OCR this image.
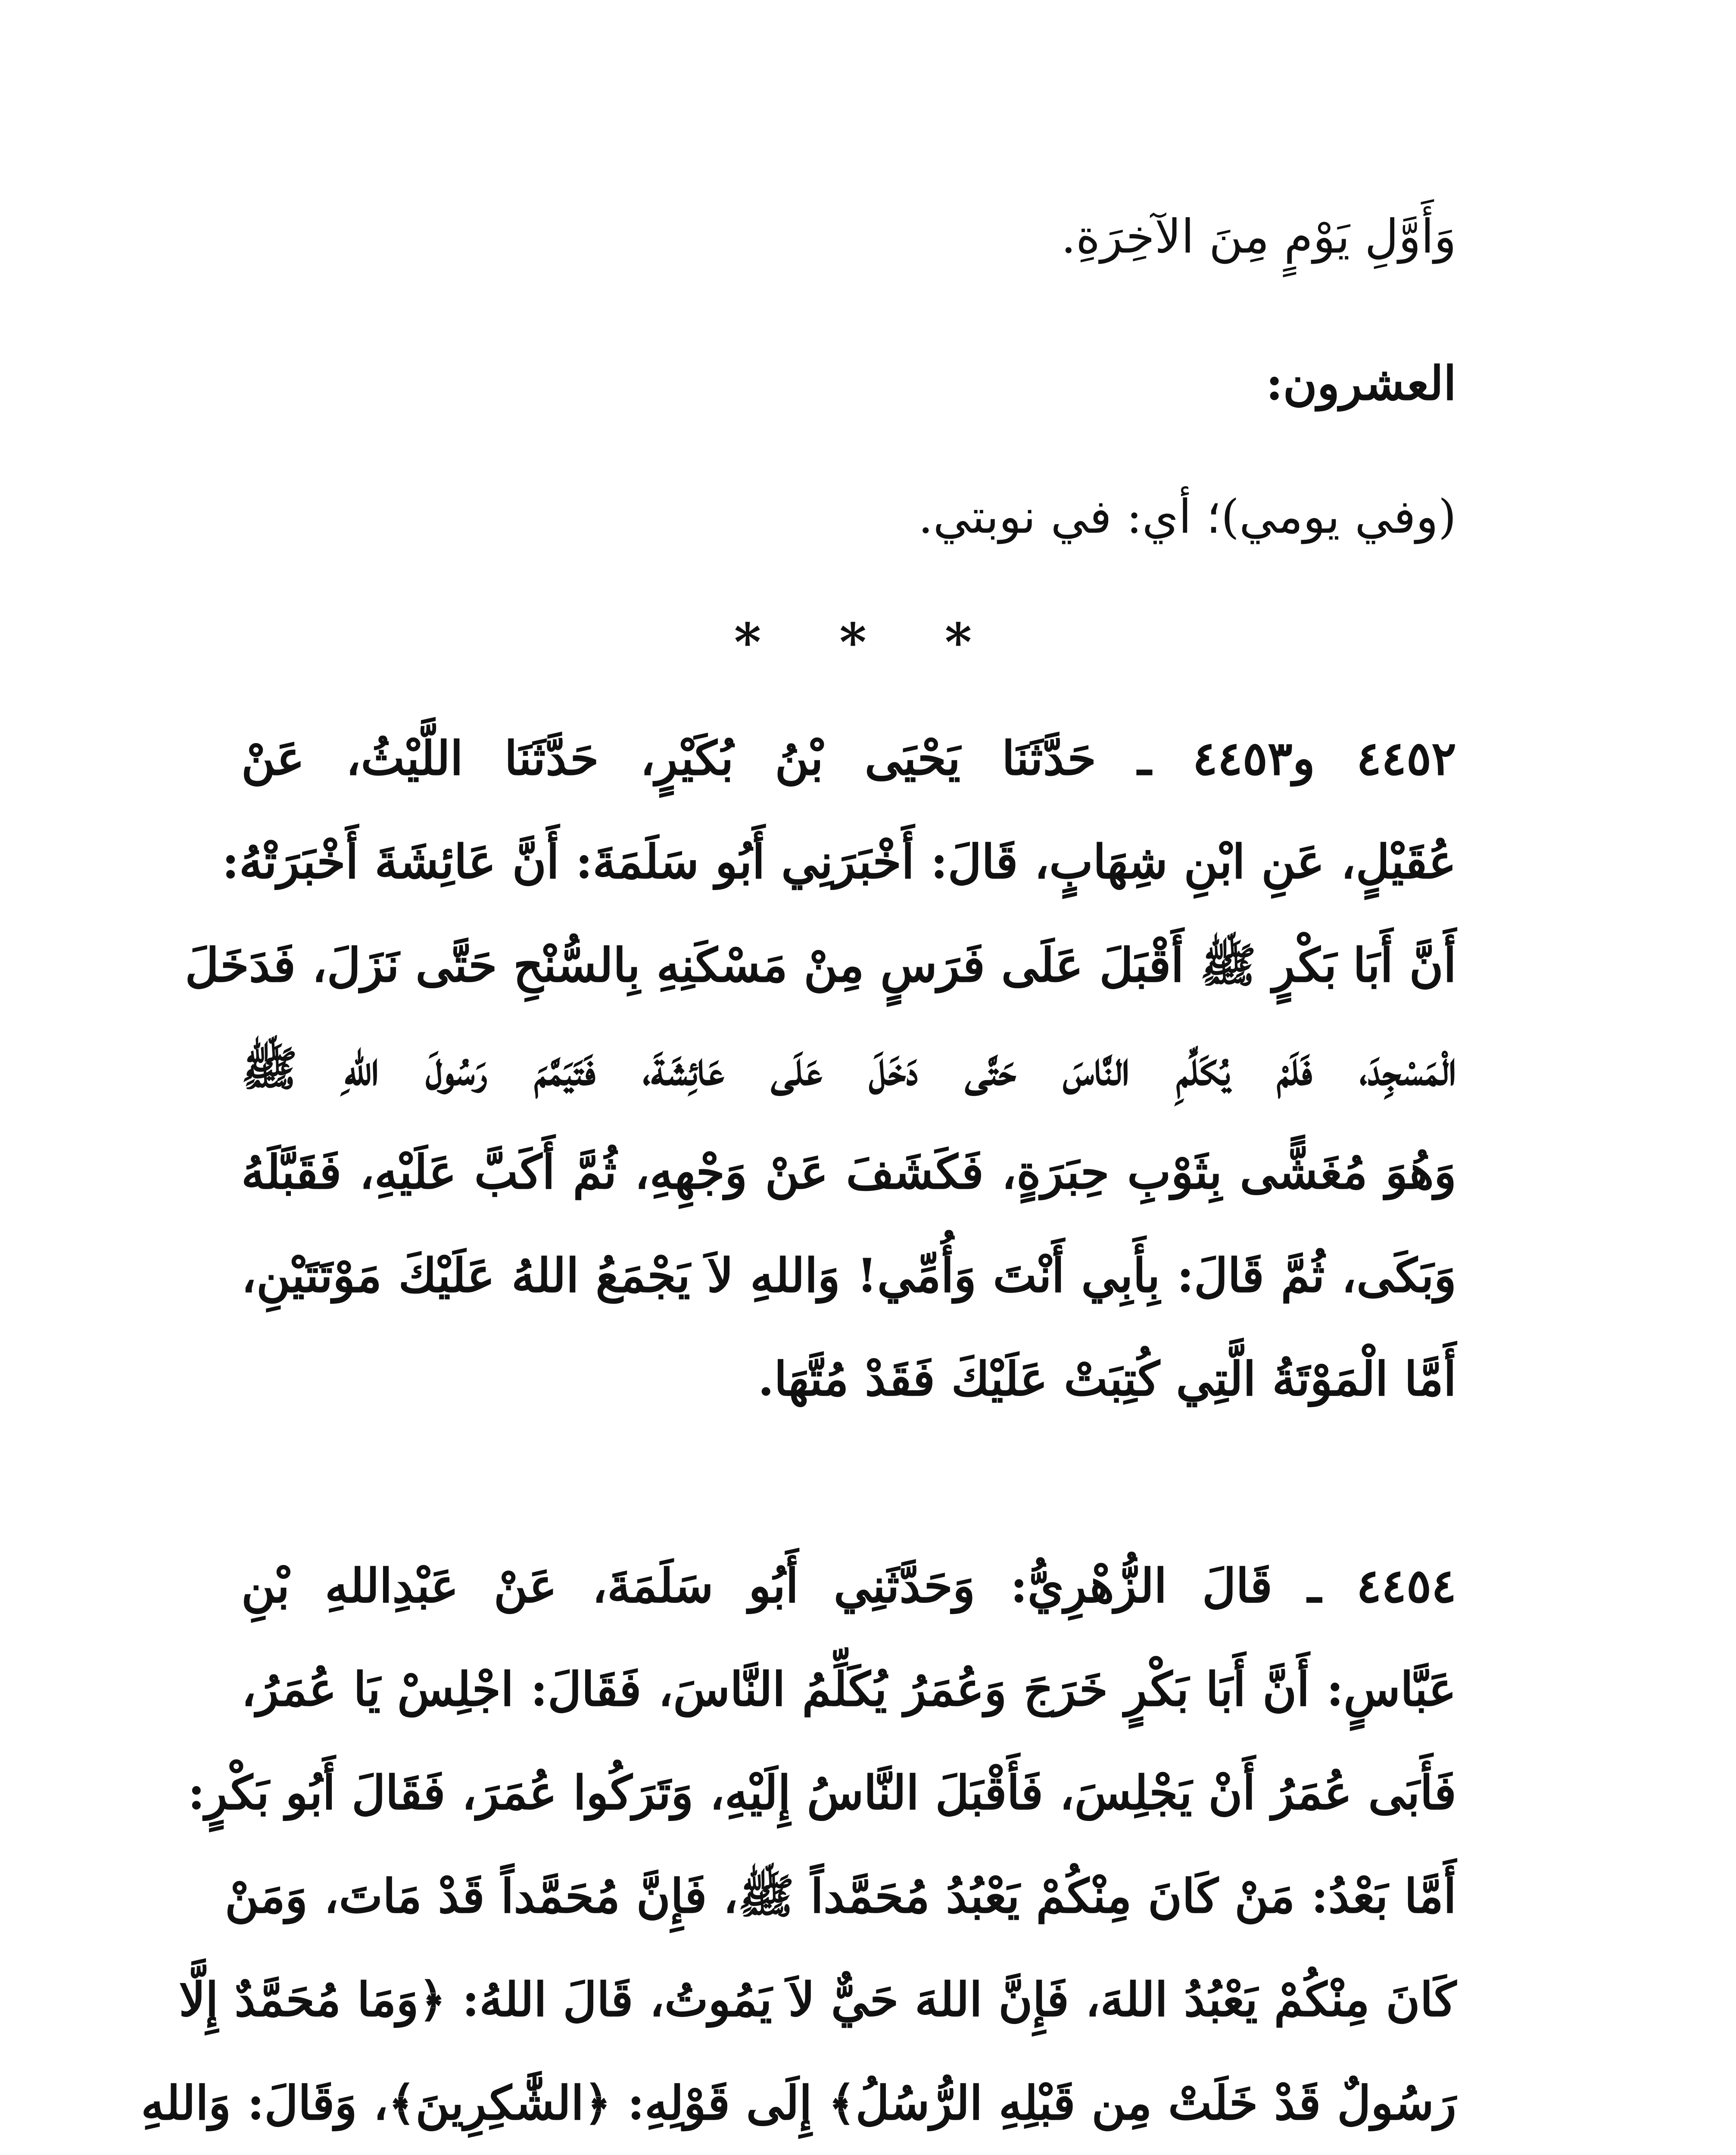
وَأَوَّلِ يَوْمٍ مِنَ الآخِرَةِ.
العشرون:
(وفي يومي)؛ أي: في نوبتي.
* * *
٤٤٥٢ و٤٤٥٣ ـ حَدَّثَنَا يَحْيَى بْنُ بُكَيْرٍ، حَدَّثَنَا اللَّيْثُ، عَنْ
عُقَيْلٍ، عَنِ ابْنِ شِهَابٍ، قَالَ: أَخْبَرَنِي أَبُو سَلَمَةَ: أَنَّ عَائِشَةَ أَخْبَرَتْهُ:
أَنَّ أَبَا بَكْرٍ ﷺ أَقْبَلَ عَلَى فَرَسٍ مِنْ مَسْكَنِهِ بِالسُّنْحِ حَتَّى نَزَلَ، فَدَخَلَ
الْمَسْجِدَ، فَلَمْ يُكَلِّمِ النَّاسَ حَتَّى دَخَلَ عَلَى عَائِشَةَ، فَتَيَمَّمَ رَسُولَ اللهِ ﷺ
وَهُوَ مُغَشًّى بِثَوْبِ حِبَرَةٍ، فَكَشَفَ عَنْ وَجْهِهِ، ثُمَّ أَكَبَّ عَلَيْهِ، فَقَبَّلَهُ
وَبَكَى، ثُمَّ قَالَ: بِأَبِي أَنْتَ وَأُمِّي! وَاللهِ لاَ يَجْمَعُ اللهُ عَلَيْكَ مَوْتَتَيْنِ،
أَمَّا الْمَوْتَةُ الَّتِي كُتِبَتْ عَلَيْكَ فَقَدْ مُتَّهَا.
٤٤٥٤ ـ قَالَ الزُّهْرِيُّ: وَحَدَّثَنِي أَبُو سَلَمَةَ، عَنْ عَبْدِاللهِ بْنِ
عَبَّاسٍ: أَنَّ أَبَا بَكْرٍ خَرَجَ وَعُمَرُ يُكَلِّمُ النَّاسَ، فَقَالَ: اجْلِسْ يَا عُمَرُ،
فَأَبَى عُمَرُ أَنْ يَجْلِسَ، فَأَقْبَلَ النَّاسُ إِلَيْهِ، وَتَرَكُوا عُمَرَ، فَقَالَ أَبُو بَكْرٍ:
أَمَّا بَعْدُ: مَنْ كَانَ مِنْكُمْ يَعْبُدُ مُحَمَّداً ﷺ، فَإِنَّ مُحَمَّداً قَدْ مَاتَ، وَمَنْ
كَانَ مِنْكُمْ يَعْبُدُ اللهَ، فَإِنَّ اللهَ حَيٌّ لاَ يَمُوتُ، قَالَ اللهُ: ﴿وَمَا مُحَمَّدٌ إِلَّا
رَسُولٌ قَدْ خَلَتْ مِن قَبْلِهِ الرُّسُلُ﴾ إِلَى قَوْلِهِ: ﴿الشَّٰكِرِينَ﴾، وَقَالَ: وَاللهِ
